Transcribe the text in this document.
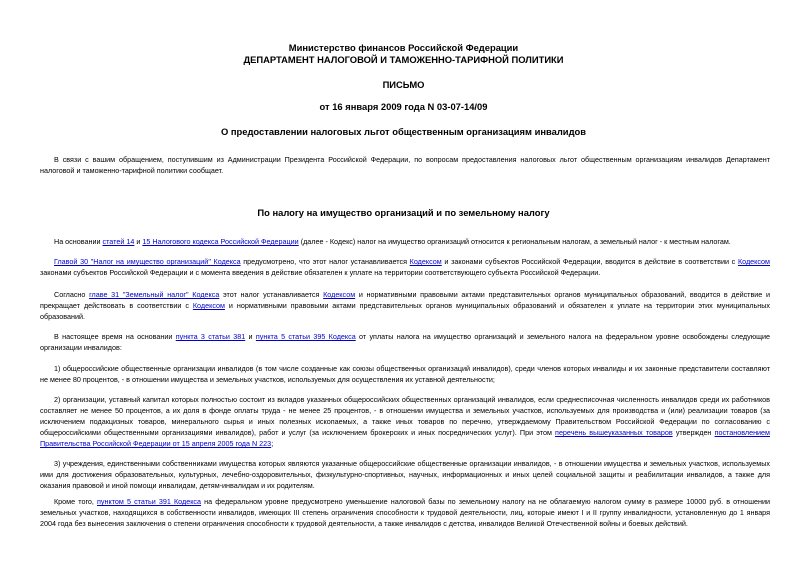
Министерство финансов Российской Федерации
ДЕПАРТАМЕНТ НАЛОГОВОЙ И ТАМОЖЕННО-ТАРИФНОЙ ПОЛИТИКИ
ПИСЬМО
от 16 января 2009 года N 03-07-14/09
О предоставлении налоговых льгот общественным организациям инвалидов
В связи с вашим обращением, поступившим из Администрации Президента Российской Федерации, по вопросам предоставления налоговых льгот общественным организациям инвалидов Департамент налоговой и таможенно-тарифной политики сообщает.
По налогу на имущество организаций и по земельному налогу
На основании статей 14 и 15 Налогового кодекса Российской Федерации (далее - Кодекс) налог на имущество организаций относится к региональным налогам, а земельный налог - к местным налогам.
Главой 30 "Налог на имущество организаций" Кодекса предусмотрено, что этот налог устанавливается Кодексом и законами субъектов Российской Федерации, вводится в действие в соответствии с Кодексом законами субъектов Российской Федерации и с момента введения в действие обязателен к уплате на территории соответствующего субъекта Российской Федерации.
Согласно главе 31 "Земельный налог" Кодекса этот налог устанавливается Кодексом и нормативными правовыми актами представительных органов муниципальных образований, вводится в действие и прекращает действовать в соответствии с Кодексом и нормативными правовыми актами представительных органов муниципальных образований и обязателен к уплате на территории этих муниципальных образований.
В настоящее время на основании пункта 3 статьи 381 и пункта 5 статьи 395 Кодекса от уплаты налога на имущество организаций и земельного налога на федеральном уровне освобождены следующие организации инвалидов:
1) общероссийские общественные организации инвалидов (в том числе созданные как союзы общественных организаций инвалидов), среди членов которых инвалиды и их законные представители составляют не менее 80 процентов, - в отношении имущества и земельных участков, используемых для осуществления их уставной деятельности;
2) организации, уставный капитал которых полностью состоит из вкладов указанных общероссийских общественных организаций инвалидов, если среднесписочная численность инвалидов среди их работников составляет не менее 50 процентов, а их доля в фонде оплаты труда - не менее 25 процентов, - в отношении имущества и земельных участков, используемых для производства и (или) реализации товаров (за исключением подакцизных товаров, минерального сырья и иных полезных ископаемых, а также иных товаров по перечню, утверждаемому Правительством Российской Федерации по согласованию с общероссийскими общественными организациями инвалидов), работ и услуг (за исключением брокерских и иных посреднических услуг). При этом перечень вышеуказанных товаров утвержден постановлением Правительства Российской Федерации от 15 апреля 2005 года N 223;
3) учреждения, единственными собственниками имущества которых являются указанные общероссийские общественные организации инвалидов, - в отношении имущества и земельных участков, используемых ими для достижения образовательных, культурных, лечебно-оздоровительных, физкультурно-спортивных, научных, информационных и иных целей социальной защиты и реабилитации инвалидов, а также для оказания правовой и иной помощи инвалидам, детям-инвалидам и их родителям.
Кроме того, пунктом 5 статьи 391 Кодекса на федеральном уровне предусмотрено уменьшение налоговой базы по земельному налогу на не облагаемую налогом сумму в размере 10000 руб. в отношении земельных участков, находящихся в собственности инвалидов, имеющих III степень ограничения способности к трудовой деятельности, лиц, которые имеют I и II группу инвалидности, установленную до 1 января 2004 года без вынесения заключения о степени ограничения способности к трудовой деятельности, а также инвалидов с детства, инвалидов Великой Отечественной войны и боевых действий.
